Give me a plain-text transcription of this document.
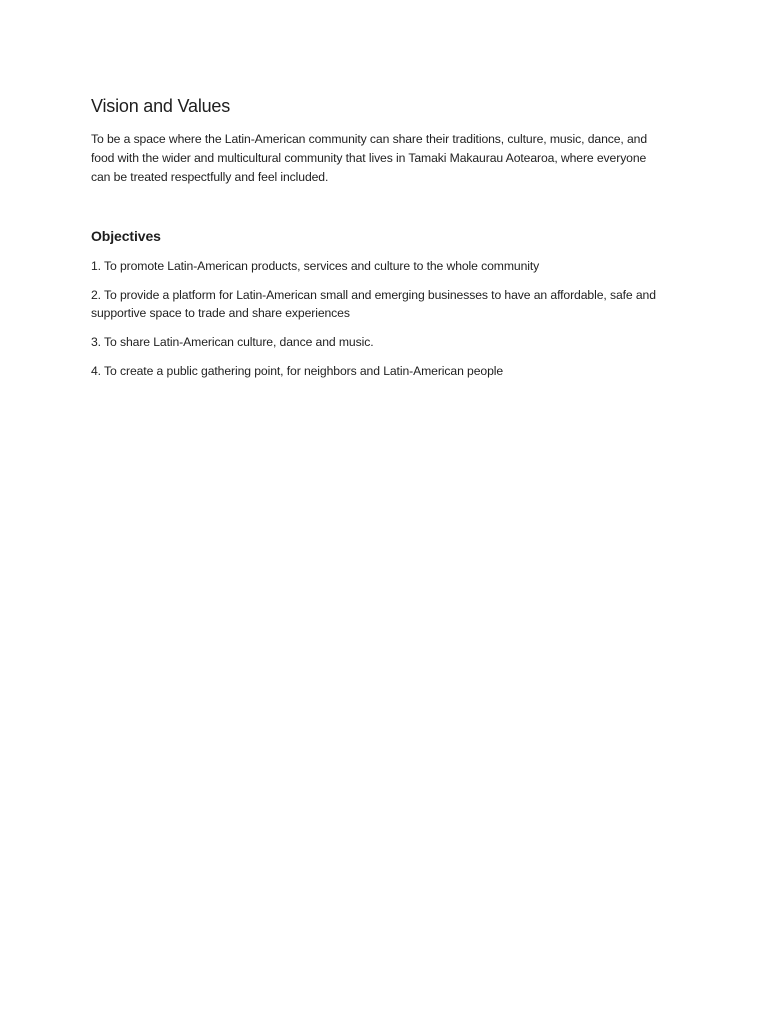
Vision and Values

To be a space where the Latin-American community can share their traditions, culture, music, dance, and food with the wider and multicultural community that lives in Tamaki Makaurau Aotearoa, where everyone can be treated respectfully and feel included.

Objectives

1. To promote Latin-American products, services and culture to the whole community

2. To provide a platform for Latin-American small and emerging businesses to have an affordable, safe and supportive space to trade and share experiences

3. To share Latin-American culture, dance and music.

4. To create a public gathering point, for neighbors and Latin-American people
